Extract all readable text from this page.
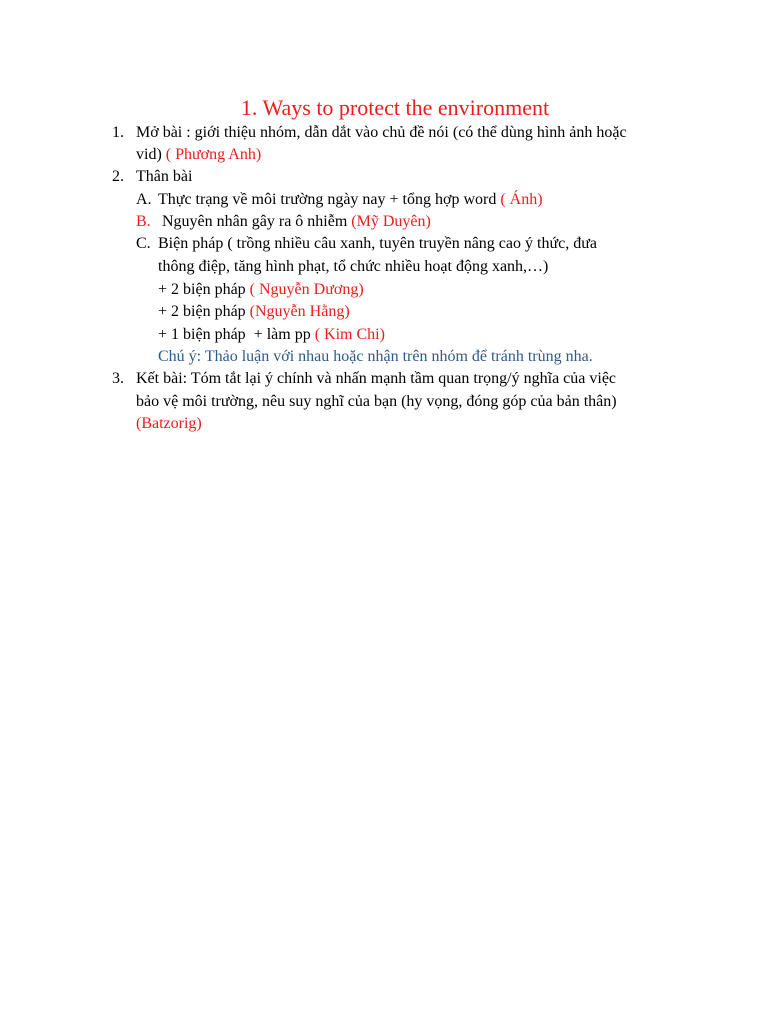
1. Ways to protect the environment
1. Mở bài : giới thiệu nhóm, dẫn dắt vào chủ đề nói (có thể dùng hình ảnh hoặc
vid) ( Phương Anh)
2. Thân bài
A. Thực trạng về môi trường ngày nay + tổng hợp word ( Ánh)
B. Nguyên nhân gây ra ô nhiễm (Mỹ Duyên)
C. Biện pháp ( trồng nhiều câu xanh, tuyên truyền nâng cao ý thức, đưa
thông điệp, tăng hình phạt, tổ chức nhiều hoạt động xanh,…)
+ 2 biện pháp ( Nguyễn Dương)
+ 2 biện pháp (Nguyễn Hằng)
+ 1 biện pháp  + làm pp ( Kim Chi)
Chú ý: Thảo luận với nhau hoặc nhận trên nhóm để tránh trùng nha.
3. Kết bài: Tóm tắt lại ý chính và nhấn mạnh tầm quan trọng/ý nghĩa của việc
bảo vệ môi trường, nêu suy nghĩ của bạn (hy vọng, đóng góp của bản thân)
(Batzorig)
